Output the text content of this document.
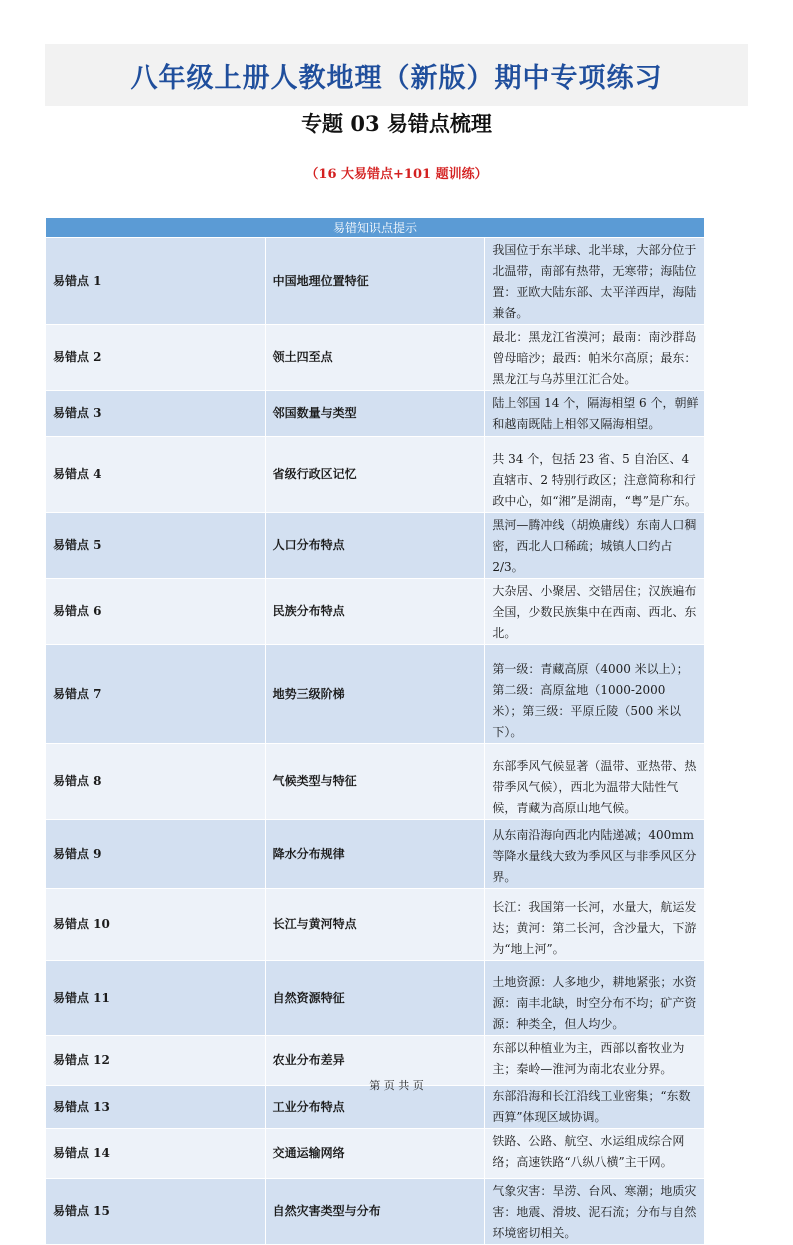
八年级上册人教地理（新版）期中专项练习
专题 03 易错点梳理
（16 大易错点+101 题训练）
易错知识点提示		
易错点 1	中国地理位置特征	我国位于东半球、北半球，大部分位于北温带，南部有热带，无寒带；海陆位置：亚欧大陆东部、太平洋西岸，海陆兼备。
易错点 2	领土四至点	最北：黑龙江省漠河；最南：南沙群岛曾母暗沙；最西：帕米尔高原；最东：黑龙江与乌苏里江汇合处。
易错点 3	邻国数量与类型	陆上邻国 14 个，隔海相望 6 个，朝鲜和越南既陆上相邻又隔海相望。
易错点 4	省级行政区记忆	共 34 个，包括 23 省、5 自治区、4 直辖市、2 特别行政区；注意简称和行政中心，如“湘”是湖南，“粤”是广东。
易错点 5	人口分布特点	黑河—腾冲线（胡焕庸线）东南人口稠密，西北人口稀疏；城镇人口约占 2/3。
易错点 6	民族分布特点	大杂居、小聚居、交错居住；汉族遍布全国，少数民族集中在西南、西北、东北。
易错点 7	地势三级阶梯	第一级：青藏高原（4000 米以上）；第二级：高原盆地（1000-2000 米）；第三级：平原丘陵（500 米以下）。
易错点 8	气候类型与特征	东部季风气候显著（温带、亚热带、热带季风气候），西北为温带大陆性气候，青藏为高原山地气候。
易错点 9	降水分布规律	从东南沿海向西北内陆递减；400mm 等降水量线大致为季风区与非季风区分界。
易错点 10	长江与黄河特点	长江：我国第一长河，水量大，航运发达；黄河：第二长河，含沙量大，下游为“地上河”。
易错点 11	自然资源特征	土地资源：人多地少，耕地紧张；水资源：南丰北缺，时空分布不均；矿产资源：种类全，但人均少。
易错点 12	农业分布差异	东部以种植业为主，西部以畜牧业为主；秦岭—淮河为南北农业分界。
易错点 13	工业分布特点	东部沿海和长江沿线工业密集；“东数西算”体现区域协调。
易错点 14	交通运输网络	铁路、公路、航空、水运组成综合网络；高速铁路“八纵八横”主干网。
易错点 15	自然灾害类型与分布	气象灾害：旱涝、台风、寒潮；地质灾害：地震、滑坡、泥石流；分布与自然环境密切相关。
第 页 共 页
